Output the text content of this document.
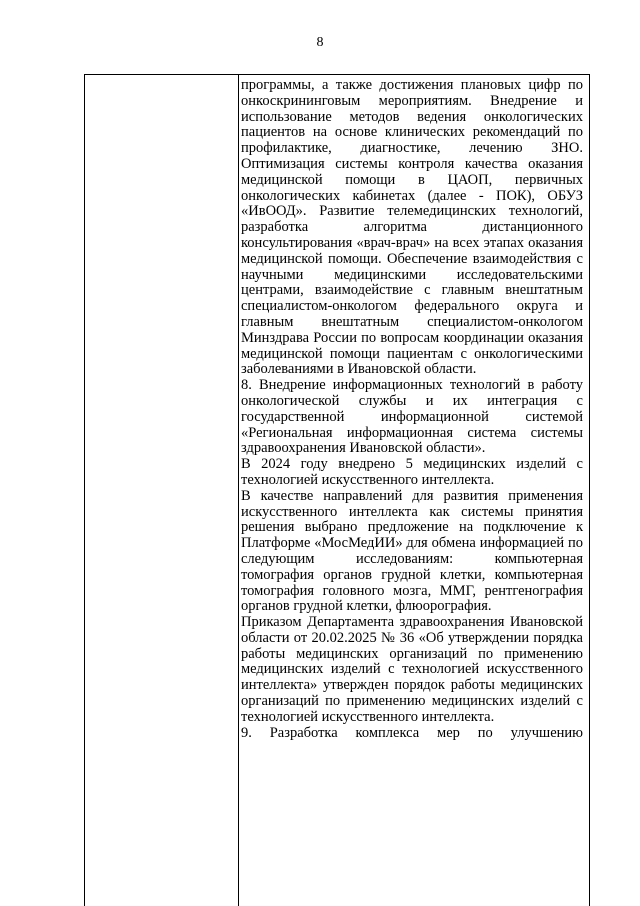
8

программы, а также достижения плановых цифр по онкоскрининговым мероприятиям. Внедрение и использование методов ведения онкологических пациентов на основе клинических рекомендаций по профилактике, диагностике, лечению ЗНО. Оптимизация системы контроля качества оказания медицинской помощи в ЦАОП, первичных онкологических кабинетах (далее - ПОК), ОБУЗ «ИвООД». Развитие телемедицинских технологий, разработка алгоритма дистанционного консультирования «врач-врач» на всех этапах оказания медицинской помощи. Обеспечение взаимодействия с научными медицинскими исследовательскими центрами, взаимодействие с главным внештатным специалистом-онкологом федерального округа и главным внештатным специалистом-онкологом Минздрава России по вопросам координации оказания медицинской помощи пациентам с онкологическими заболеваниями в Ивановской области.

8. Внедрение информационных технологий в работу онкологической службы и их интеграция с государственной информационной системой «Региональная информационная система системы здравоохранения Ивановской области».

В 2024 году внедрено 5 медицинских изделий с технологией искусственного интеллекта.

В качестве направлений для развития применения искусственного интеллекта как системы принятия решения выбрано предложение на подключение к Платформе «МосМедИИ» для обмена информацией по следующим исследованиям: компьютерная томография органов грудной клетки, компьютерная томография головного мозга, ММГ, рентгенография органов грудной клетки, флюорография.

Приказом Департамента здравоохранения Ивановской области от 20.02.2025 № 36 «Об утверждении порядка работы медицинских организаций по применению медицинских изделий с технологией искусственного интеллекта» утвержден порядок работы медицинских организаций по применению медицинских изделий с технологией искусственного интеллекта.

9. Разработка комплекса мер по улучшению
